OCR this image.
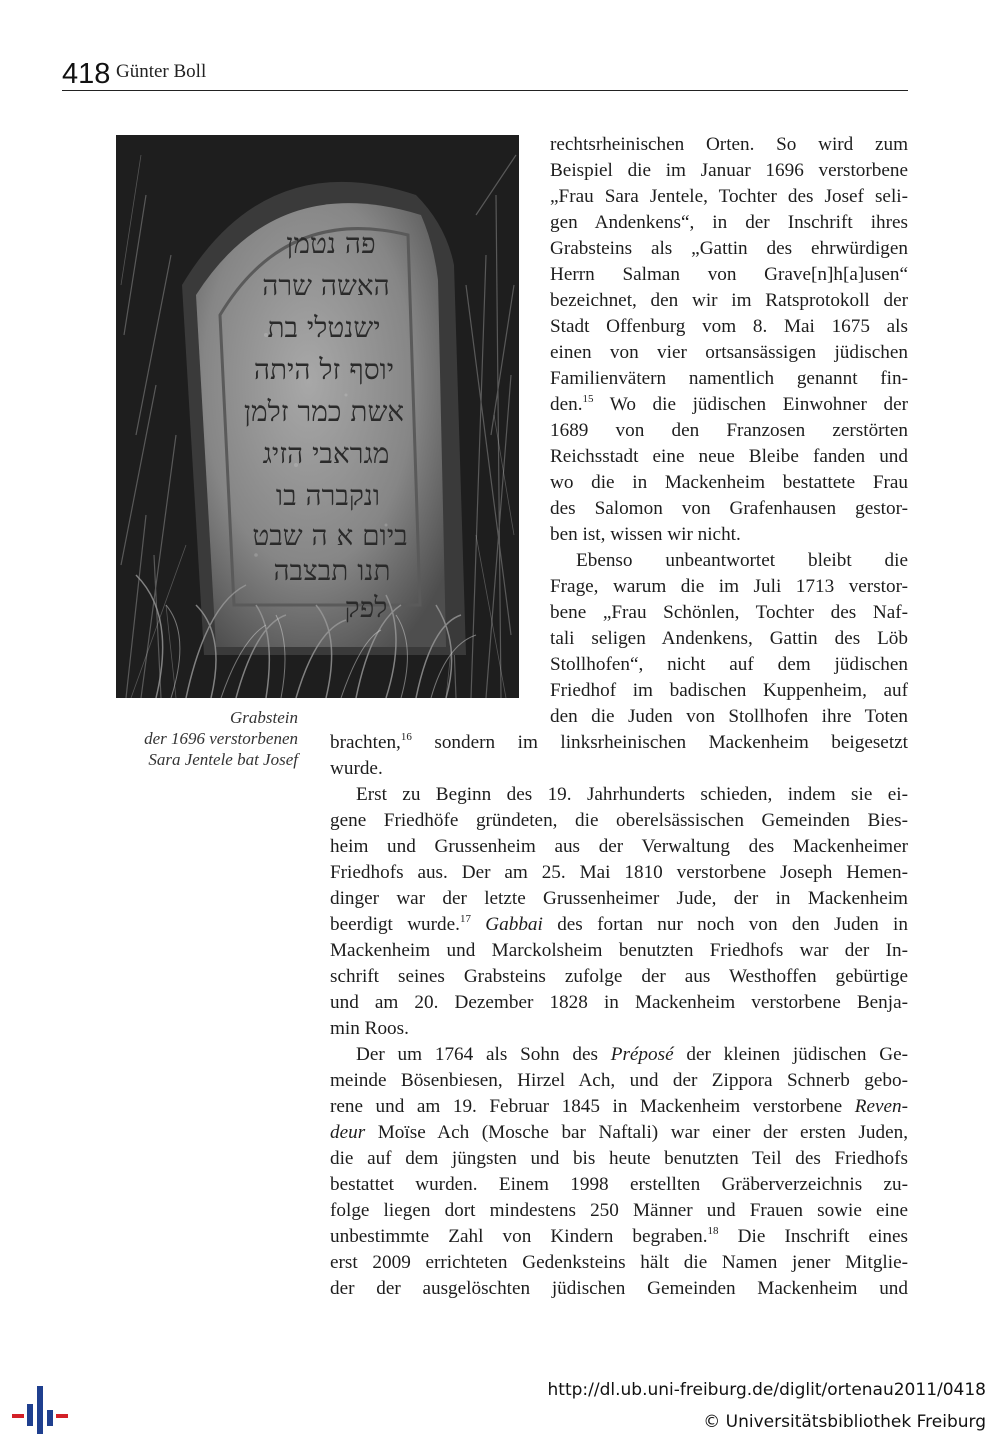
418 Günter Boll
פה נטמן
האשה שרה
ישנטלי בת
יוסף זל היתה
אשת כמר זלמן
מגראבי הזיג
ונקברה בו
ביום א ה שבט
תנו תבצבה
לפק
Grabstein
der 1696 verstorbenen
Sara Jentele bat Josef
rechtsrheinischen Orten. So wird zum
Beispiel die im Januar 1696 verstorbene
„Frau Sara Jentele, Tochter des Josef seli-
gen Andenkens“, in der Inschrift ihres
Grabsteins als „Gattin des ehrwürdigen
Herrn Salman von Grave[n]h[a]usen“
bezeichnet, den wir im Ratsprotokoll der
Stadt Offenburg vom 8. Mai 1675 als
einen von vier ortsansässigen jüdischen
Familienvätern namentlich genannt fin-
den.$^{15}$ Wo die jüdischen Einwohner der
1689 von den Franzosen zerstörten
Reichsstadt eine neue Bleibe fanden und
wo die in Mackenheim bestattete Frau
des Salomon von Grafenhausen gestor-
ben ist, wissen wir nicht.
Ebenso unbeantwortet bleibt die
Frage, warum die im Juli 1713 verstor-
bene „Frau Schönlen, Tochter des Naf-
tali seligen Andenkens, Gattin des Löb
Stollhofen“, nicht auf dem jüdischen
Friedhof im badischen Kuppenheim, auf
den die Juden von Stollhofen ihre Toten
brachten,$^{16}$ sondern im linksrheinischen Mackenheim beigesetzt
wurde.
Erst zu Beginn des 19. Jahrhunderts schieden, indem sie ei-
gene Friedhöfe gründeten, die oberelsässischen Gemeinden Bies-
heim und Grussenheim aus der Verwaltung des Mackenheimer
Friedhofs aus. Der am 25. Mai 1810 verstorbene Joseph Hemen-
dinger war der letzte Grussenheimer Jude, der in Mackenheim
beerdigt wurde.$^{17}$ Gabbai des fortan nur noch von den Juden in
Mackenheim und Marckolsheim benutzten Friedhofs war der In-
schrift seines Grabsteins zufolge der aus Westhoffen gebürtige
und am 20. Dezember 1828 in Mackenheim verstorbene Benja-
min Roos.
Der um 1764 als Sohn des Préposé der kleinen jüdischen Ge-
meinde Bösenbiesen, Hirzel Ach, und der Zippora Schnerb gebo-
rene und am 19. Februar 1845 in Mackenheim verstorbene Reven-
deur Moïse Ach (Mosche bar Naftali) war einer der ersten Juden,
die auf dem jüngsten und bis heute benutzten Teil des Friedhofs
bestattet wurden. Einem 1998 erstellten Gräberverzeichnis zu-
folge liegen dort mindestens 250 Männer und Frauen sowie eine
unbestimmte Zahl von Kindern begraben.$^{18}$ Die Inschrift eines
erst 2009 errichteten Gedenksteins hält die Namen jener Mitglie-
der der ausgelöschten jüdischen Gemeinden Mackenheim und
http://dl.ub.uni-freiburg.de/diglit/ortenau2011/0418
© Universitätsbibliothek Freiburg
